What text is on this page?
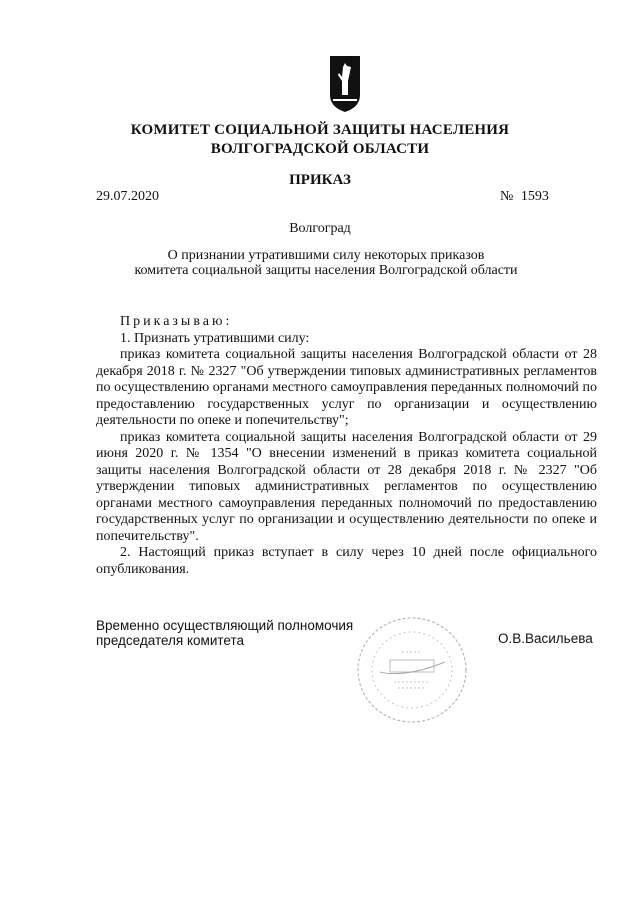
КОМИТЕТ СОЦИАЛЬНОЙ ЗАЩИТЫ НАСЕЛЕНИЯ
ВОЛГОГРАДСКОЙ ОБЛАСТИ
ПРИКАЗ
29.07.2020	№ 1593
Волгоград
О признании утратившими силу некоторых приказов
комитета социальной защиты населения Волгоградской области

Приказываю:

1. Признать утратившими силу:

приказ комитета социальной защиты населения Волгоградской области от 28 декабря 2018 г. № 2327 "Об утверждении типовых административных регламентов по осуществлению органами местного самоуправления переданных полномочий по предоставлению государственных услуг по организации и осуществлению деятельности по опеке и попечительству";

приказ комитета социальной защиты населения Волгоградской области от 29 июня 2020 г. № 1354 "О внесении изменений в приказ комитета социальной защиты населения Волгоградской области от 28 декабря 2018 г. № 2327 "Об утверждении типовых административных регламентов по осуществлению органами местного самоуправления переданных полномочий по предоставлению государственных услуг по организации и осуществлению деятельности по опеке и попечительству".

2. Настоящий приказ вступает в силу через 10 дней после официального опубликования.

Временно осуществляющий полномочия
председателя комитета	О.В.Васильева
